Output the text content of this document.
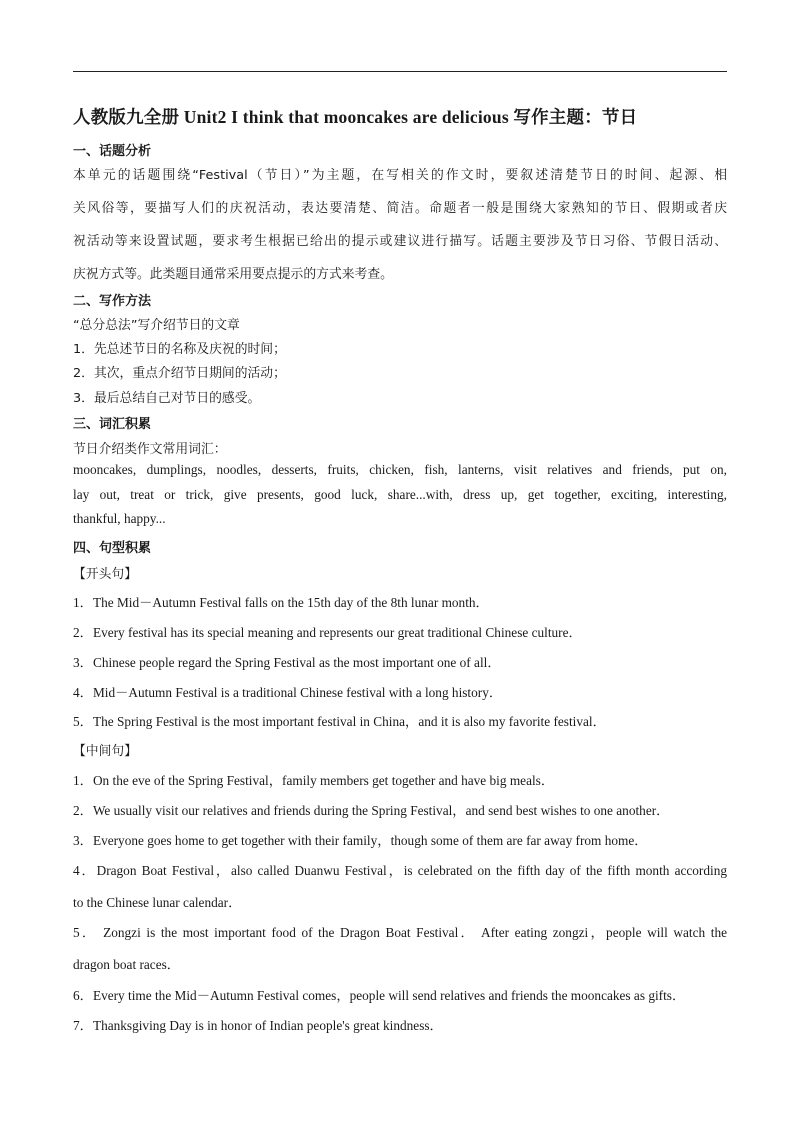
人教版九全册 Unit2 I think that mooncakes are delicious 写作主题：节日
一、话题分析
本单元的话题围绕“Festival（节日）”为主题，在写相关的作文时，要叙述清楚节日的时间、起源、相
关风俗等，要描写人们的庆祝活动，表达要清楚、简洁。命题者一般是围绕大家熟知的节日、假期或者庆
祝活动等来设置试题，要求考生根据已给出的提示或建议进行描写。话题主要涉及节日习俗、节假日活动、
庆祝方式等。此类题目通常采用要点提示的方式来考查。
二、写作方法
“总分总法”写介绍节日的文章
1．先总述节日的名称及庆祝的时间；
2．其次，重点介绍节日期间的活动；
3．最后总结自己对节日的感受。
三、词汇积累
节日介绍类作文常用词汇：
mooncakes, dumplings, noodles, desserts, fruits, chicken, fish, lanterns, visit relatives and friends, put on,
lay out, treat or trick, give presents, good luck, share...with, dress up, get together, exciting, interesting,
thankful, happy...
四、句型积累
【开头句】
1．The Mid－Autumn Festival falls on the 15th day of the 8th lunar month．
2．Every festival has its special meaning and represents our great traditional Chinese culture．
3．Chinese people regard the Spring Festival as the most important one of all．
4．Mid－Autumn Festival is a traditional Chinese festival with a long history．
5．The Spring Festival is the most important festival in China，and it is also my favorite festival．
【中间句】
1．On the eve of the Spring Festival，family members get together and have big meals．
2．We usually visit our relatives and friends during the Spring Festival，and send best wishes to one another．
3．Everyone goes home to get together with their family，though some of them are far away from home．
4．Dragon Boat Festival，also called Duanwu Festival，is celebrated on the fifth day of the fifth month according
to the Chinese lunar calendar．
5． Zongzi is the most important food of the Dragon Boat Festival． After eating zongzi，people will watch the
dragon boat races．
6．Every time the Mid－Autumn Festival comes，people will send relatives and friends the mooncakes as gifts．
7．Thanksgiving Day is in honor of Indian people's great kindness．
